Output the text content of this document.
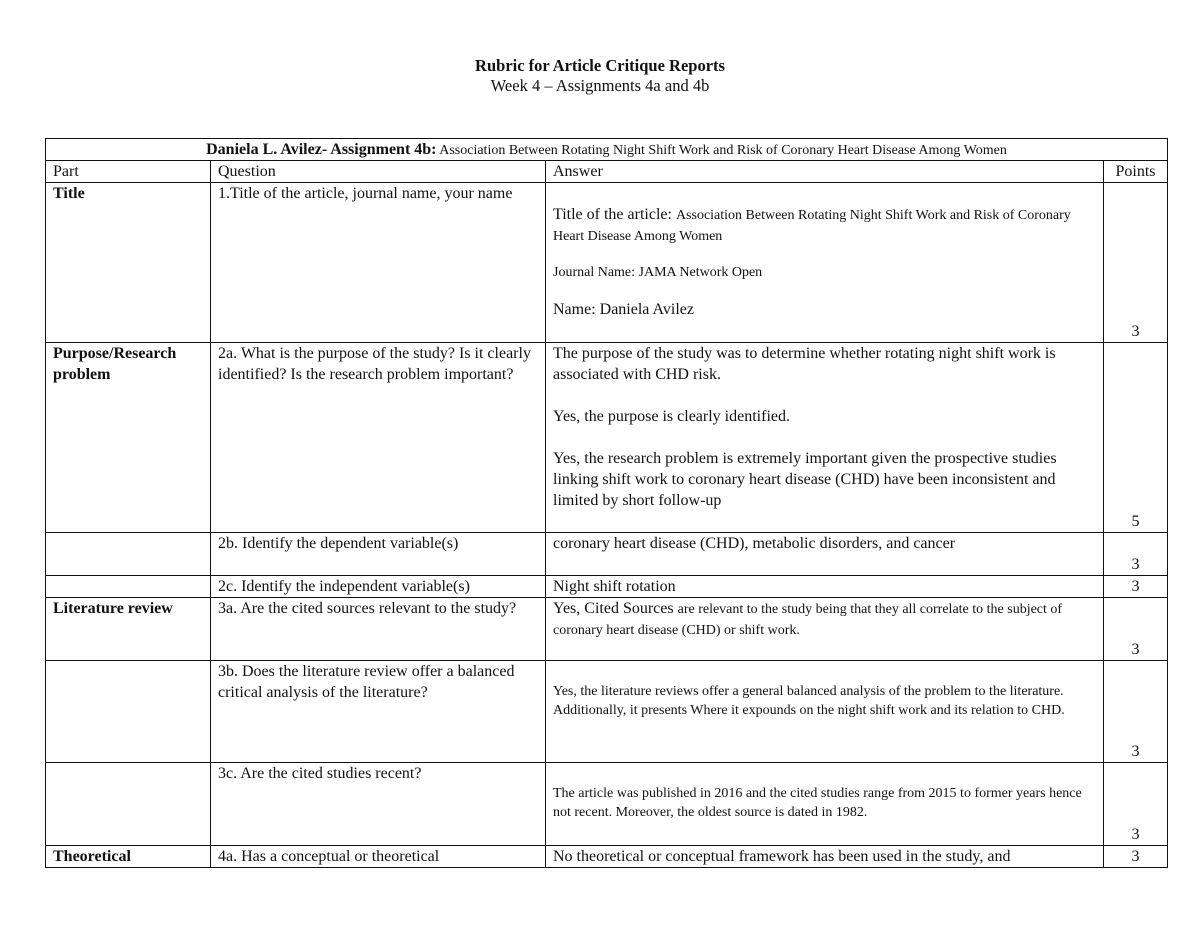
Rubric for Article Critique Reports
Week 4 – Assignments 4a and 4b
Daniela L. Avilez- Assignment 4b: Association Between Rotating Night Shift Work and Risk of Coronary Heart Disease Among Women			
Part	Question	Answer	Points
Title	1.Title of the article, journal name, your name	Title of the article: Association Between Rotating Night Shift Work and Risk of Coronary Heart Disease Among Women
Journal Name: JAMA Network Open
Name: Daniela Avilez	3
Purpose/Research problem	2a. What is the purpose of the study? Is it clearly identified? Is the research problem important?	The purpose of the study was to determine whether rotating night shift work is associated with CHD risk.
Yes, the purpose is clearly identified.
Yes, the research problem is extremely important given the prospective studies linking shift work to coronary heart disease (CHD) have been inconsistent and limited by short follow-up	5
	2b. Identify the dependent variable(s)	coronary heart disease (CHD), metabolic disorders, and cancer	3
	2c. Identify the independent variable(s)	Night shift rotation	3
Literature review	3a. Are the cited sources relevant to the study?	Yes, Cited Sources are relevant to the study being that they all correlate to the subject of coronary heart disease (CHD) or shift work.	3
	3b. Does the literature review offer a balanced critical analysis of the literature?	Yes, the literature reviews offer a general balanced analysis of the problem to the literature. Additionally, it presents Where it expounds on the night shift work and its relation to CHD.	3
	3c. Are the cited studies recent?	The article was published in 2016 and the cited studies range from 2015 to former years hence not recent. Moreover, the oldest source is dated in 1982.	3
Theoretical	4a. Has a conceptual or theoretical	No theoretical or conceptual framework has been used in the study, and	3
